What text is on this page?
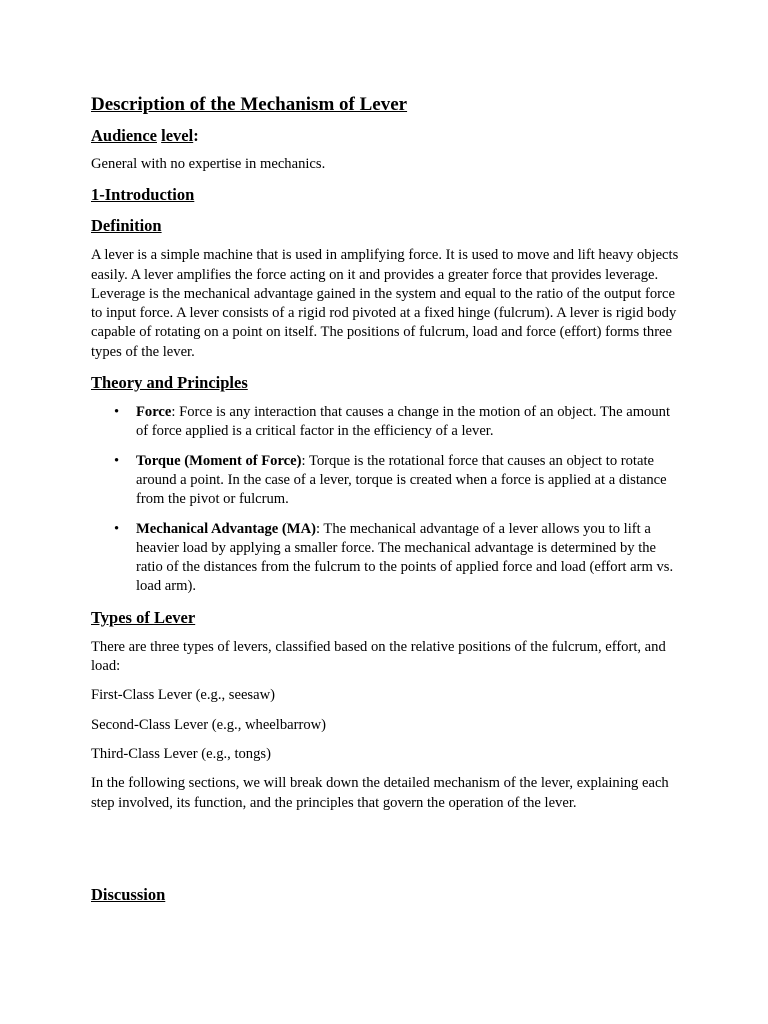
Description of the Mechanism of Lever
Audience level:

General with no expertise in mechanics.

1-Introduction
Definition

A lever is a simple machine that is used in amplifying force. It is used to move and lift heavy objects easily. A lever amplifies the force acting on it and provides a greater force that provides leverage. Leverage is the mechanical advantage gained in the system and equal to the ratio of the output force to input force. A lever consists of a rigid rod pivoted at a fixed hinge (fulcrum). A lever is rigid body capable of rotating on a point on itself. The positions of fulcrum, load and force (effort) forms three types of the lever.

Theory and Principles
• Force: Force is any interaction that causes a change in the motion of an object. The amount of force applied is a critical factor in the efficiency of a lever.
• Torque (Moment of Force): Torque is the rotational force that causes an object to rotate around a point. In the case of a lever, torque is created when a force is applied at a distance from the pivot or fulcrum.
• Mechanical Advantage (MA): The mechanical advantage of a lever allows you to lift a heavier load by applying a smaller force. The mechanical advantage is determined by the ratio of the distances from the fulcrum to the points of applied force and load (effort arm vs. load arm).
Types of Lever

There are three types of levers, classified based on the relative positions of the fulcrum, effort, and load:

First-Class Lever (e.g., seesaw)

Second-Class Lever (e.g., wheelbarrow)

Third-Class Lever (e.g., tongs)

In the following sections, we will break down the detailed mechanism of the lever, explaining each step involved, its function, and the principles that govern the operation of the lever.

Discussion
